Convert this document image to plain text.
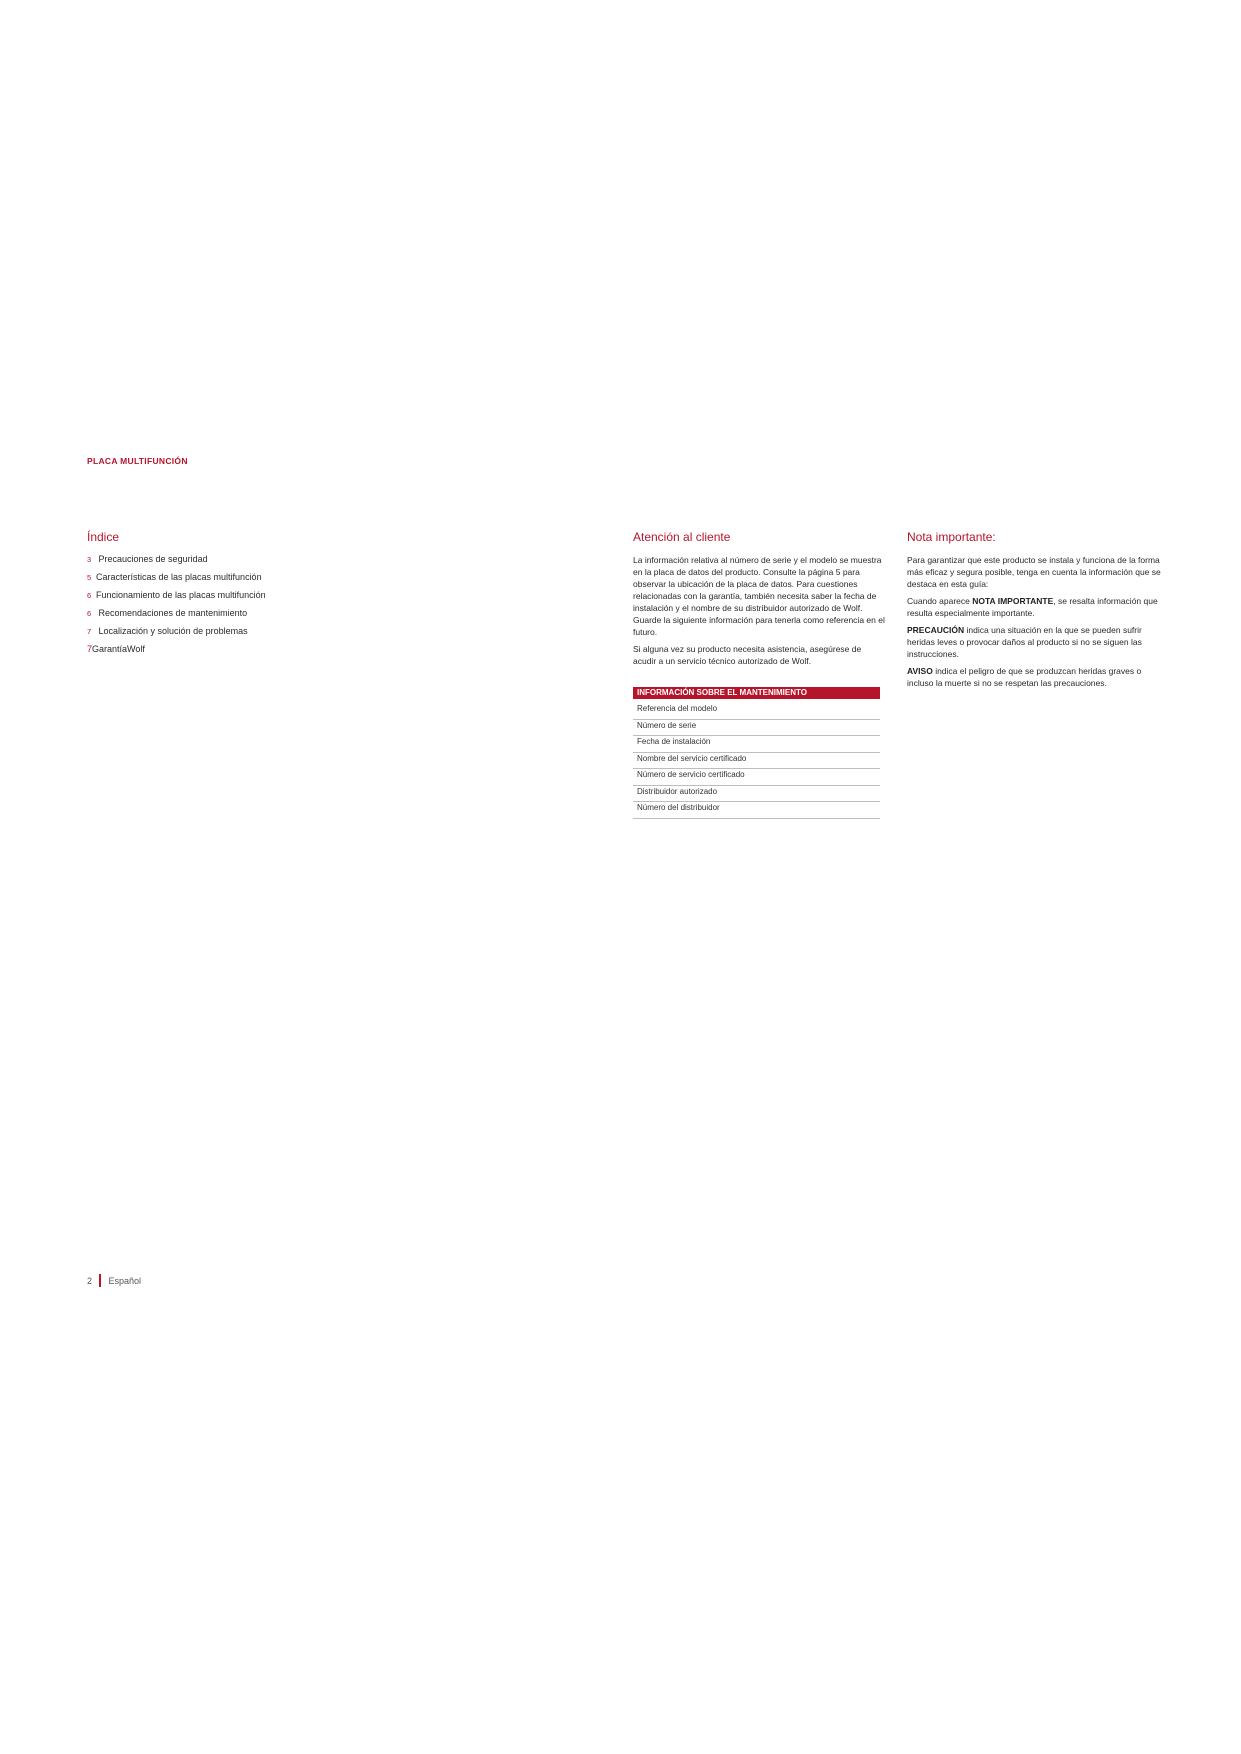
PLACA MULTIFUNCIÓN
Índice
3 Precauciones de seguridad
5 Características de las placas multifunción
6 Funcionamiento de las placas multifunción
6 Recomendaciones de mantenimiento
7 Localización y solución de problemas
7GarantíaWolf
Atención al cliente

La información relativa al número de serie y el modelo se muestra en la placa de datos del producto. Consulte la página 5 para observar la ubicación de la placa de datos. Para cuestiones relacionadas con la garantía, también necesita saber la fecha de instalación y el nombre de su distribuidor autorizado de Wolf. Guarde la siguiente información para tenerla como referencia en el futuro.

Si alguna vez su producto necesita asistencia, asegúrese de acudir a un servicio técnico autorizado de Wolf.

INFORMACIÓN SOBRE EL MANTENIMIENTO
Referencia del modelo
Número de serie
Fecha de instalación
Nombre del servicio certificado
Número de servicio certificado
Distribuidor autorizado
Número del distribuidor
Nota importante:

Para garantizar que este producto se instala y funciona de la forma más eficaz y segura posible, tenga en cuenta la información que se destaca en esta guía:

Cuando aparece NOTA IMPORTANTE, se resalta información que resulta especialmente importante.

PRECAUCIÓN indica una situación en la que se pueden sufrir heridas leves o provocar daños al producto si no se siguen las instrucciones.

AVISO indica el peligro de que se produzcan heridas graves o incluso la muerte si no se respetan las precauciones.

2 Español
